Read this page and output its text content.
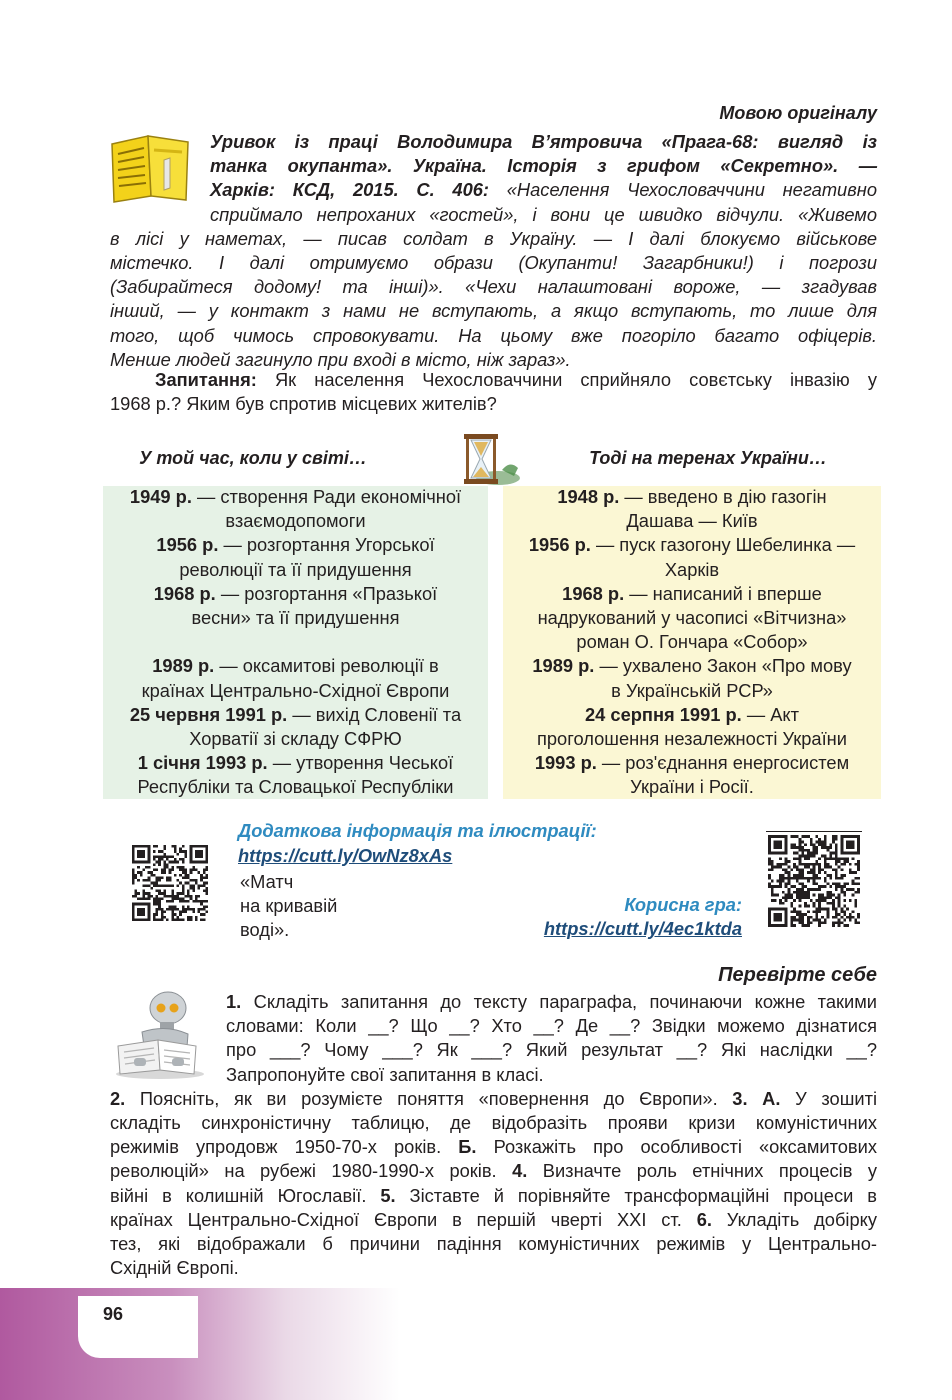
Мовою оригіналу
Уривок із праці Володимира В’ятровича «Прага-68: вигляд із
танка окупанта». Україна. Історія з грифом «Секретно». —
Харків: КСД, 2015. С. 406: «Населення Чехословаччини негативно
сприймало непроханих «гостей», і вони це швидко відчули. «Живемо
в лісі у наметах, — писав солдат в Україну. — І далі блокуємо військове
містечко. І далі отримуємо образи (Окупанти! Загарбники!) і погрози
(Забирайтеся додому! та інші)». «Чехи налаштовані вороже, — згадував
інший, — у контакт з нами не вступають, а якщо вступають, то лише для
того, щоб чимось спровокувати. На цьому вже погоріло багато офіцерів.
Менше людей загинуло при вході в місто, ніж зараз».
Запитання: Як населення Чехословаччини сприйняло совєтську інвазію у
1968 р.? Яким був спротив місцевих жителів?
У той час, коли у світі…	Тоді на теренах України…
1949 р. — створення Ради економічної
взаємодопомоги
1956 р. — розгортання Угорської
революції та її придушення
1968 р. — розгортання «Празької
весни» та її придушення
1989 р. — оксамитові революції в
країнах Центрально-Східної Європи
25 червня 1991 р. — вихід Словенії та
Хорватії зі складу СФРЮ
1 січня 1993 р. — утворення Чеської
Республіки та Словацької Республіки
1948 р. — введено в дію газогін
Дашава — Київ
1956 р. — пуск газогону Шебелинка —
Харків
1968 р. — написаний і вперше
надрукований у часописі «Вітчизна»
роман О. Гончара «Собор»
1989 р. — ухвалено Закон «Про мову
в Українській РСР»
24 серпня 1991 р. — Акт
проголошення незалежності України
1993 р. — роз'єднання енергосистем
України і Росії.
Додаткова інформація та ілюстрації:
https://cutt.ly/OwNz8xAs
«Матч
на кривавій
воді».
Корисна гра:
https://cutt.ly/4ec1ktda
Перевірте себе
1. Складіть запитання до тексту параграфа, починаючи кожне такими
словами: Коли __? Що __? Хто __? Де __? Звідки можемо дізнатися
про ___? Чому ___? Як ___? Який результат __? Які наслідки __?
Запропонуйте свої запитання в класі.
2. Поясніть, як ви розумієте поняття «повернення до Європи». 3. А. У зошиті
складіть синхроністичну таблицю, де відобразіть прояви кризи комуністичних
режимів упродовж 1950-70-х років. Б. Розкажіть про особливості «оксамитових
революцій» на рубежі 1980-1990-х років. 4. Визначте роль етнічних процесів у
війні в колишній Югославії. 5. Зіставте й порівняйте трансформаційні процеси в
країнах Центрально-Східної Європи в першій чверті ХХІ ст. 6. Укладіть добірку
тез, які відображали б причини падіння комуністичних режимів у Центрально-
Східній Європі.
96
